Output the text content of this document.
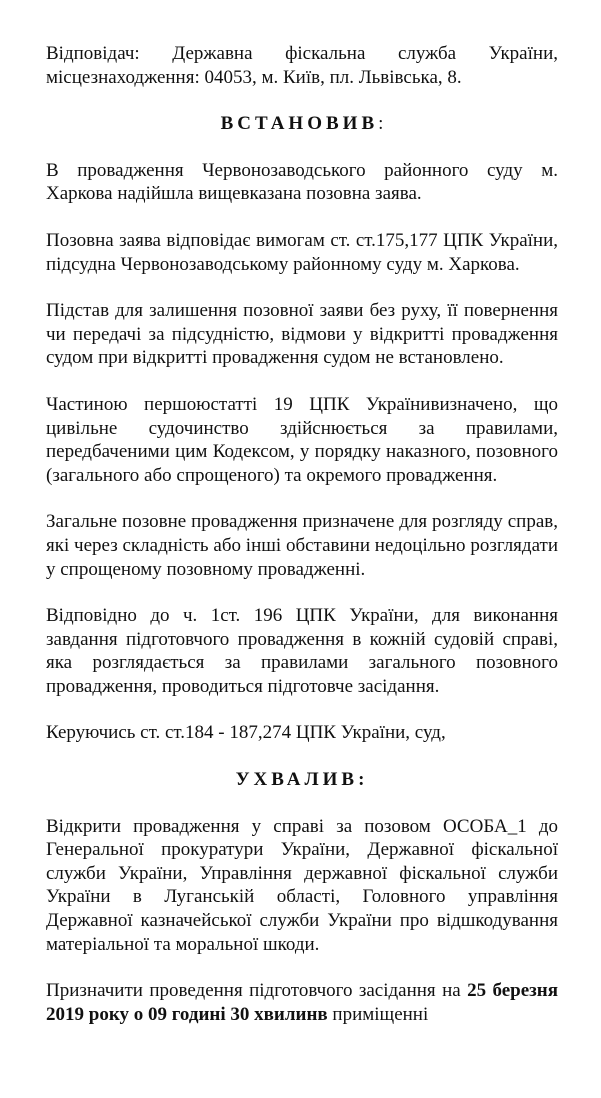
Відповідач: Державна фіскальна служба України, місцезнаходження: 04053, м. Київ, пл. Львівська, 8.

ВСТАНОВИВ:

В провадження Червонозаводського районного суду м. Харкова надійшла вищевказана позовна заява.

Позовна заява відповідає вимогам ст. ст.175,177 ЦПК України, підсудна Червонозаводському районному суду м. Харкова.

Підстав для залишення позовної заяви без руху, її повернення чи передачі за підсудністю, відмови у відкритті провадження судом при відкритті провадження судом не встановлено.

Частиною першоюстатті 19 ЦПК Українивизначено, що цивільне судочинство здійснюється за правилами, передбаченими цим Кодексом, у порядку наказного, позовного (загального або спрощеного) та окремого провадження.

Загальне позовне провадження призначене для розгляду справ, які через складність або інші обставини недоцільно розглядати у спрощеному позовному провадженні.

Відповідно до ч. 1ст. 196 ЦПК України, для виконання завдання підготовчого провадження в кожній судовій справі, яка розглядається за правилами загального позовного провадження, проводиться підготовче засідання.

Керуючись ст. ст.184 - 187,274 ЦПК України, суд,

УХВАЛИВ:

Відкрити провадження у справі за позовом ОСОБА_1 до Генеральної прокуратури України, Державної фіскальної служби України, Управління державної фіскальної служби України в Луганській області, Головного управління Державної казначейської служби України про відшкодування матеріальної та моральної шкоди.

Призначити проведення підготовчого засідання на 25 березня 2019 року о 09 годині 30 хвилинв приміщенні
